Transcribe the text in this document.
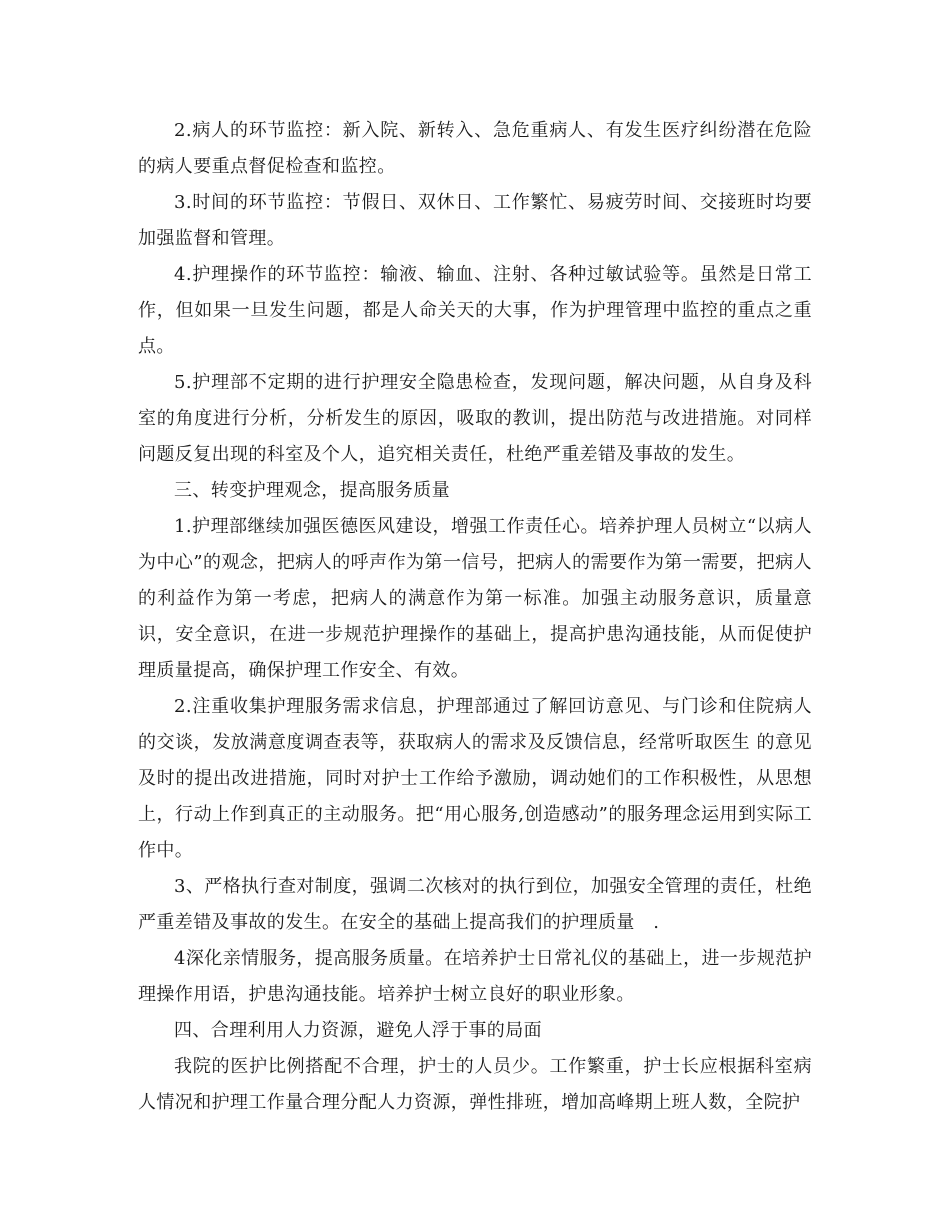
2.病人的环节监控：新入院、新转入、急危重病人、有发生医疗纠纷潜在危险的病人要重点督促检查和监控。

3.时间的环节监控：节假日、双休日、工作繁忙、易疲劳时间、交接班时均要加强监督和管理。

4.护理操作的环节监控：输液、输血、注射、各种过敏试验等。虽然是日常工作，但如果一旦发生问题，都是人命关天的大事，作为护理管理中监控的重点之重点。

5.护理部不定期的进行护理安全隐患检查，发现问题，解决问题，从自身及科室的角度进行分析，分析发生的原因，吸取的教训，提出防范与改进措施。对同样问题反复出现的科室及个人，追究相关责任，杜绝严重差错及事故的发生。

三、转变护理观念，提高服务质量

1.护理部继续加强医德医风建设，增强工作责任心。培养护理人员树立“以病人为中心”的观念，把病人的呼声作为第一信号，把病人的需要作为第一需要，把病人的利益作为第一考虑，把病人的满意作为第一标准。加强主动服务意识，质量意识，安全意识，在进一步规范护理操作的基础上，提高护患沟通技能，从而促使护理质量提高，确保护理工作安全、有效。

2.注重收集护理服务需求信息，护理部通过了解回访意见、与门诊和住院病人的交谈，发放满意度调查表等，获取病人的需求及反馈信息，经常听取医生 的意见及时的提出改进措施，同时对护士工作给予激励，调动她们的工作积极性，从思想上，行动上作到真正的主动服务。把“用心服务,创造感动”的服务理念运用到实际工作中。

3、严格执行查对制度，强调二次核对的执行到位，加强安全管理的责任，杜绝严重差错及事故的发生。在安全的基础上提高我们的护理质量　.

4深化亲情服务，提高服务质量。在培养护士日常礼仪的基础上，进一步规范护理操作用语，护患沟通技能。培养护士树立良好的职业形象。

四、合理利用人力资源，避免人浮于事的局面

我院的医护比例搭配不合理，护士的人员少。工作繁重，护士长应根据科室病人情况和护理工作量合理分配人力资源，弹性排班，增加高峰期上班人数，全院护
